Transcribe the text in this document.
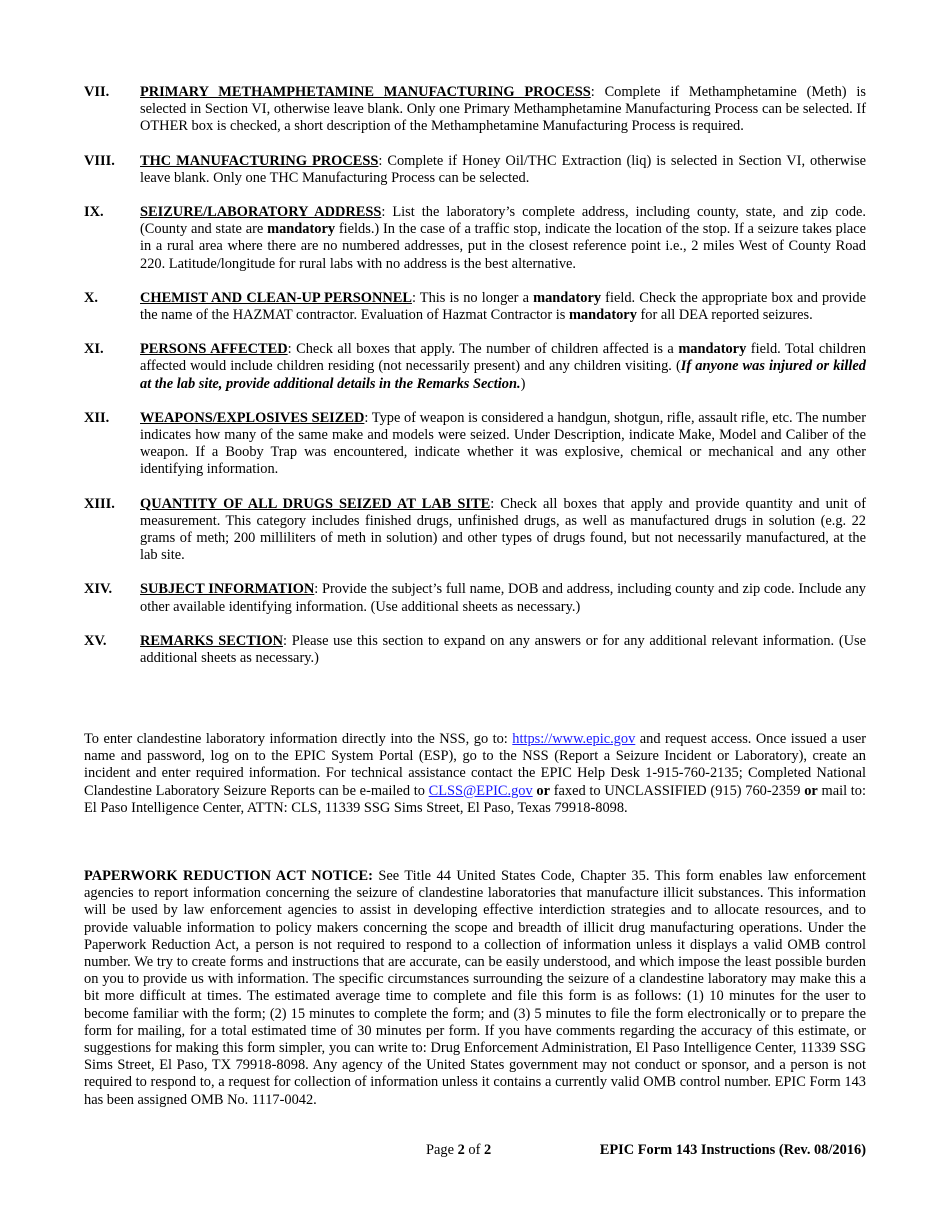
VII.	PRIMARY METHAMPHETAMINE MANUFACTURING PROCESS: Complete if Methamphetamine (Meth) is selected in Section VI, otherwise leave blank. Only one Primary Methamphetamine Manufacturing Process can be selected. If OTHER box is checked, a short description of the Methamphetamine Manufacturing Process is required.
VIII.	THC MANUFACTURING PROCESS: Complete if Honey Oil/THC Extraction (liq) is selected in Section VI, otherwise leave blank. Only one THC Manufacturing Process can be selected.
IX.	SEIZURE/LABORATORY ADDRESS: List the laboratory’s complete address, including county, state, and zip code. (County and state are mandatory fields.) In the case of a traffic stop, indicate the location of the stop. If a seizure takes place in a rural area where there are no numbered addresses, put in the closest reference point i.e., 2 miles West of County Road 220. Latitude/longitude for rural labs with no address is the best alternative.
X.	CHEMIST AND CLEAN-UP PERSONNEL: This is no longer a mandatory field. Check the appropriate box and provide the name of the HAZMAT contractor. Evaluation of Hazmat Contractor is mandatory for all DEA reported seizures.
XI.	PERSONS AFFECTED: Check all boxes that apply. The number of children affected is a mandatory field. Total children affected would include children residing (not necessarily present) and any children visiting. (If anyone was injured or killed at the lab site, provide additional details in the Remarks Section.)
XII.	WEAPONS/EXPLOSIVES SEIZED: Type of weapon is considered a handgun, shotgun, rifle, assault rifle, etc. The number indicates how many of the same make and models were seized. Under Description, indicate Make, Model and Caliber of the weapon. If a Booby Trap was encountered, indicate whether it was explosive, chemical or mechanical and any other identifying information.
XIII.	QUANTITY OF ALL DRUGS SEIZED AT LAB SITE: Check all boxes that apply and provide quantity and unit of measurement. This category includes finished drugs, unfinished drugs, as well as manufactured drugs in solution (e.g. 22 grams of meth; 200 milliliters of meth in solution) and other types of drugs found, but not necessarily manufactured, at the lab site.
XIV.	SUBJECT INFORMATION: Provide the subject’s full name, DOB and address, including county and zip code. Include any other available identifying information. (Use additional sheets as necessary.)
XV.	REMARKS SECTION: Please use this section to expand on any answers or for any additional relevant information. (Use additional sheets as necessary.)

To enter clandestine laboratory information directly into the NSS, go to: https://www.epic.gov and request access. Once issued a user name and password, log on to the EPIC System Portal (ESP), go to the NSS (Report a Seizure Incident or Laboratory), create an incident and enter required information. For technical assistance contact the EPIC Help Desk 1-915-760-2135; Completed National Clandestine Laboratory Seizure Reports can be e-mailed to CLSS@EPIC.gov or faxed to UNCLASSIFIED (915) 760-2359 or mail to: El Paso Intelligence Center, ATTN: CLS, 11339 SSG Sims Street, El Paso, Texas 79918-8098.

PAPERWORK REDUCTION ACT NOTICE: See Title 44 United States Code, Chapter 35. This form enables law enforcement agencies to report information concerning the seizure of clandestine laboratories that manufacture illicit substances. This information will be used by law enforcement agencies to assist in developing effective interdiction strategies and to allocate resources, and to provide valuable information to policy makers concerning the scope and breadth of illicit drug manufacturing operations. Under the Paperwork Reduction Act, a person is not required to respond to a collection of information unless it displays a valid OMB control number. We try to create forms and instructions that are accurate, can be easily understood, and which impose the least possible burden on you to provide us with information. The specific circumstances surrounding the seizure of a clandestine laboratory may make this a bit more difficult at times. The estimated average time to complete and file this form is as follows: (1) 10 minutes for the user to become familiar with the form; (2) 15 minutes to complete the form; and (3) 5 minutes to file the form electronically or to prepare the form for mailing, for a total estimated time of 30 minutes per form. If you have comments regarding the accuracy of this estimate, or suggestions for making this form simpler, you can write to: Drug Enforcement Administration, El Paso Intelligence Center, 11339 SSG Sims Street, El Paso, TX 79918-8098. Any agency of the United States government may not conduct or sponsor, and a person is not required to respond to, a request for collection of information unless it contains a currently valid OMB control number. EPIC Form 143 has been assigned OMB No. 1117-0042.

Page 2 of 2	EPIC Form 143 Instructions (Rev. 08/2016)
